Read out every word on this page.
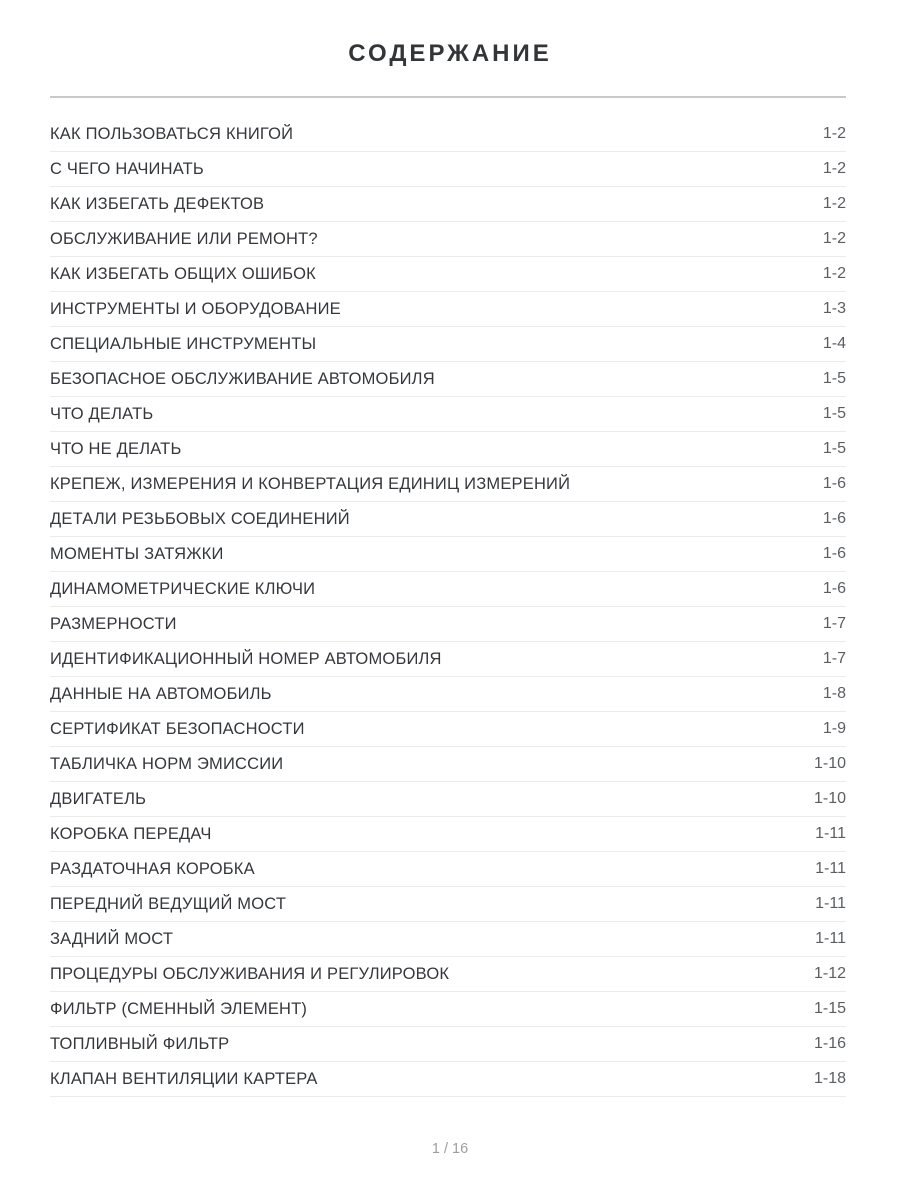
СОДЕРЖАНИЕ
КАК ПОЛЬЗОВАТЬСЯ КНИГОЙ	1-2
С ЧЕГО НАЧИНАТЬ	1-2
КАК ИЗБЕГАТЬ ДЕФЕКТОВ	1-2
ОБСЛУЖИВАНИЕ ИЛИ РЕМОНТ?	1-2
КАК ИЗБЕГАТЬ ОБЩИХ ОШИБОК	1-2
ИНСТРУМЕНТЫ И ОБОРУДОВАНИЕ	1-3
СПЕЦИАЛЬНЫЕ ИНСТРУМЕНТЫ	1-4
БЕЗОПАСНОЕ ОБСЛУЖИВАНИЕ АВТОМОБИЛЯ	1-5
ЧТО ДЕЛАТЬ	1-5
ЧТО НЕ ДЕЛАТЬ	1-5
КРЕПЕЖ, ИЗМЕРЕНИЯ И КОНВЕРТАЦИЯ ЕДИНИЦ ИЗМЕРЕНИЙ	1-6
ДЕТАЛИ РЕЗЬБОВЫХ СОЕДИНЕНИЙ	1-6
МОМЕНТЫ ЗАТЯЖКИ	1-6
ДИНАМОМЕТРИЧЕСКИЕ КЛЮЧИ	1-6
РАЗМЕРНОСТИ	1-7
ИДЕНТИФИКАЦИОННЫЙ НОМЕР АВТОМОБИЛЯ	1-7
ДАННЫЕ НА АВТОМОБИЛЬ	1-8
СЕРТИФИКАТ БЕЗОПАСНОСТИ	1-9
ТАБЛИЧКА НОРМ ЭМИССИИ	1-10
ДВИГАТЕЛЬ	1-10
КОРОБКА ПЕРЕДАЧ	1-11
РАЗДАТОЧНАЯ КОРОБКА	1-11
ПЕРЕДНИЙ ВЕДУЩИЙ МОСТ	1-11
ЗАДНИЙ МОСТ	1-11
ПРОЦЕДУРЫ ОБСЛУЖИВАНИЯ И РЕГУЛИРОВОК	1-12
ФИЛЬТР (СМЕННЫЙ ЭЛЕМЕНТ)	1-15
ТОПЛИВНЫЙ ФИЛЬТР	1-16
КЛАПАН ВЕНТИЛЯЦИИ КАРТЕРА	1-18
1 / 16
